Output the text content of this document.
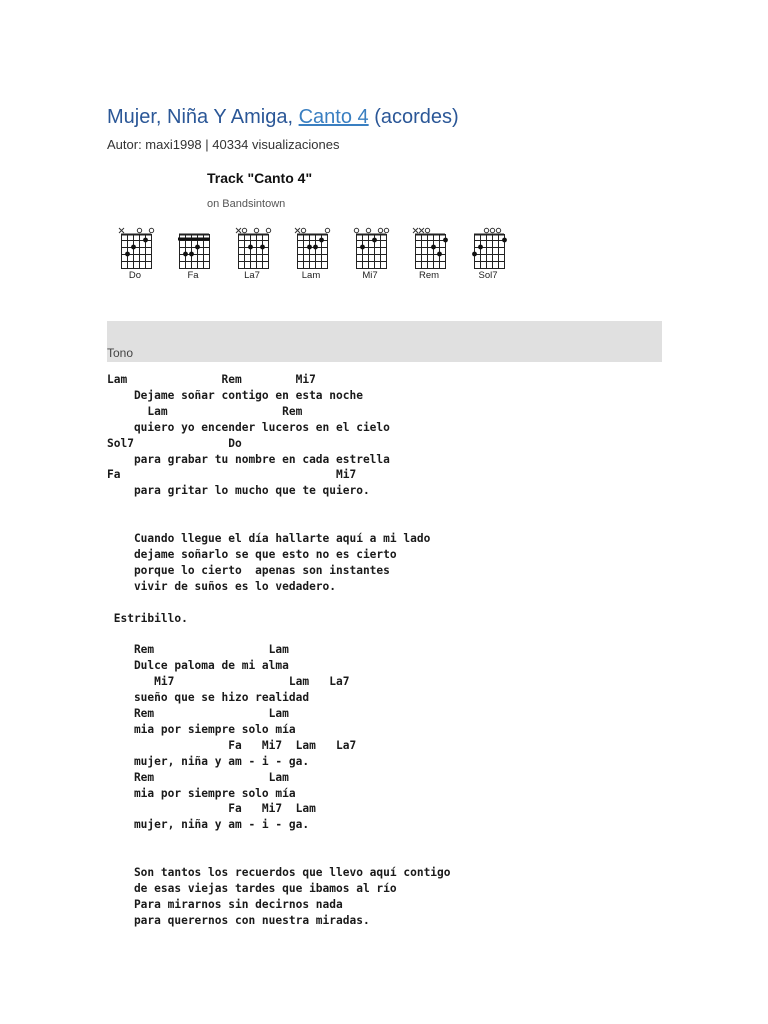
Mujer, Niña Y Amiga, Canto 4 (acordes)
Autor: maxi1998 | 40334 visualizaciones
Track "Canto 4"
on Bandsintown
Do	Fa	La7	Lam	Mi7	Rem	Sol7
Tono
Lam              Rem        Mi7
Dejame soñar contigo en esta noche
Lam                 Rem
quiero yo encender luceros en el cielo
Sol7              Do
para grabar tu nombre en cada estrella
Fa                                Mi7
para gritar lo mucho que te quiero.

Cuando llegue el día hallarte aquí a mi lado
dejame soñarlo se que esto no es cierto
porque lo cierto  apenas son instantes
vivir de suños es lo vedadero.

Estribillo.

Rem                 Lam
Dulce paloma de mi alma
Mi7                 Lam   La7
sueño que se hizo realidad
Rem                 Lam
mia por siempre solo mía
Fa   Mi7  Lam   La7
mujer, niña y am - i - ga.
Rem                 Lam
mia por siempre solo mía
Fa   Mi7  Lam
mujer, niña y am - i - ga.

Son tantos los recuerdos que llevo aquí contigo
de esas viejas tardes que ibamos al río
Para mirarnos sin decirnos nada
para querernos con nuestra miradas.
